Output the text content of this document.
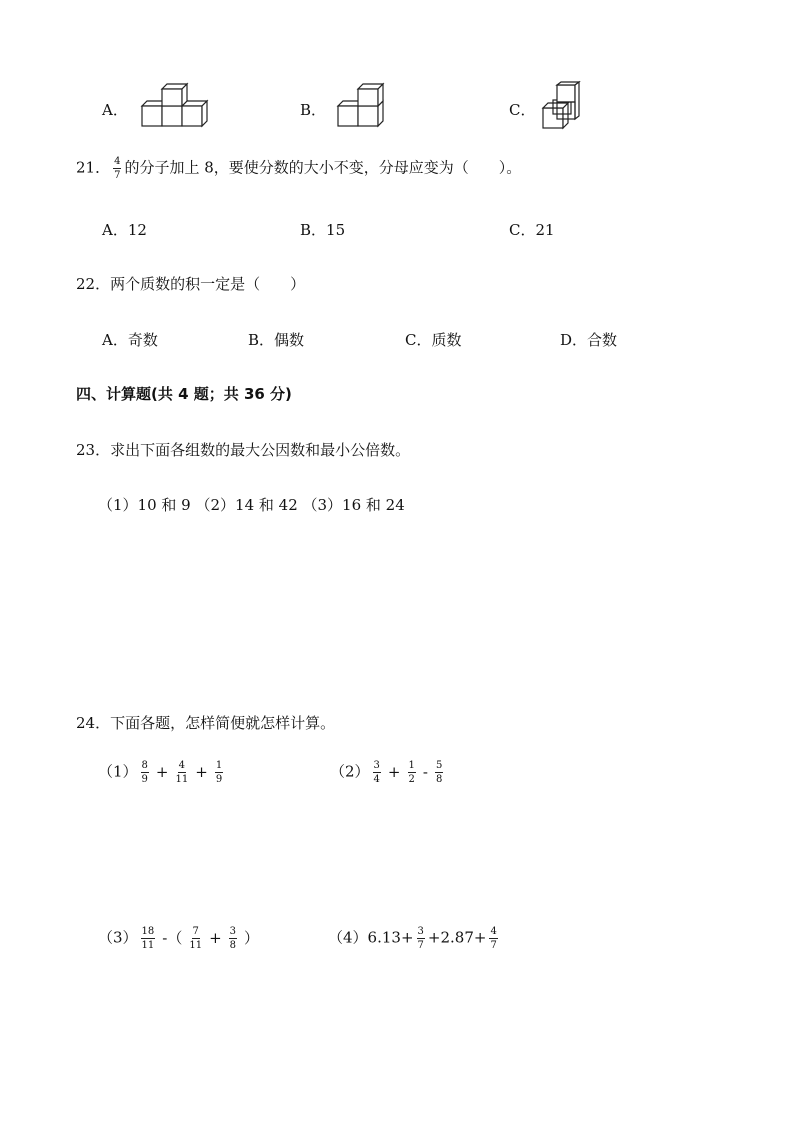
A．	B．	C．
21． $\frac{4}{7}$ 的分子加上 8，要使分数的大小不变，分母应变为（　　）。
A．12	B．15	C．21
22．两个质数的积一定是（　　）
A．奇数	B．偶数	C．质数	D．合数
四、计算题(共 4 题；共 36 分)
23．求出下面各组数的最大公因数和最小公倍数。
（1）10 和 9 （2）14 和 42 （3）16 和 24
24．下面各题，怎样简便就怎样计算。
$(1) \frac{8}{9} + \frac{4}{11} + \frac{1}{9}$	$(2) \frac{3}{4} + \frac{1}{2} - \frac{5}{8}$
$(3) \frac{18}{11}$ -（ $\frac{7}{11} + \frac{3}{8}$ ）	$(4)6.13+ \frac{3}{7} +2.87+ \frac{4}{7}$
